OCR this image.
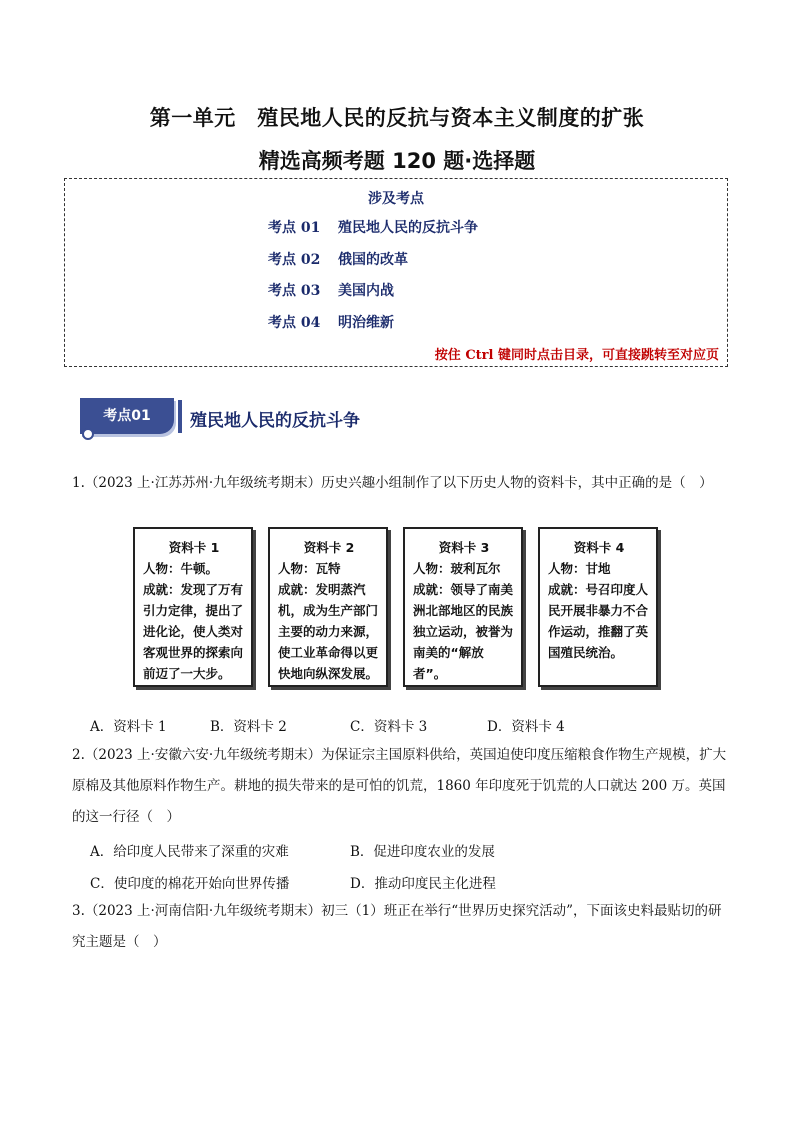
第一单元　殖民地人民的反抗与资本主义制度的扩张
精选高频考题 120 题·选择题
涉及考点
考点 01 殖民地人民的反抗斗争
考点 02 俄国的改革
考点 03 美国内战
考点 04 明治维新
按住 Ctrl 键同时点击目录，可直接跳转至对应页
考点01	殖民地人民的反抗斗争
1.（2023 上·江苏苏州·九年级统考期末）历史兴趣小组制作了以下历史人物的资料卡，其中正确的是（　）
资料卡 1
人物：牛顿。
成就：发现了万有引力定律，提出了进化论，使人类对客观世界的探索向前迈了一大步。
资料卡 2
人物：瓦特
成就：发明蒸汽机，成为生产部门主要的动力来源，使工业革命得以更快地向纵深发展。
资料卡 3
人物：玻利瓦尔
成就：领导了南美洲北部地区的民族独立运动，被誉为南美的“解放者”。
资料卡 4
人物：甘地
成就：号召印度人民开展非暴力不合作运动，推翻了英国殖民统治。
A．资料卡 1	B．资料卡 2	C．资料卡 3	D．资料卡 4
2.（2023 上·安徽六安·九年级统考期末）为保证宗主国原料供给，英国迫使印度压缩粮食作物生产规模，扩大原棉及其他原料作物生产。耕地的损失带来的是可怕的饥荒，1860 年印度死于饥荒的人口就达 200 万。英国的这一行径（　）
A．给印度人民带来了深重的灾难	B．促进印度农业的发展
C．使印度的棉花开始向世界传播	D．推动印度民主化进程
3.（2023 上·河南信阳·九年级统考期末）初三（1）班正在举行“世界历史探究活动”，下面该史料最贴切的研究主题是（　）
